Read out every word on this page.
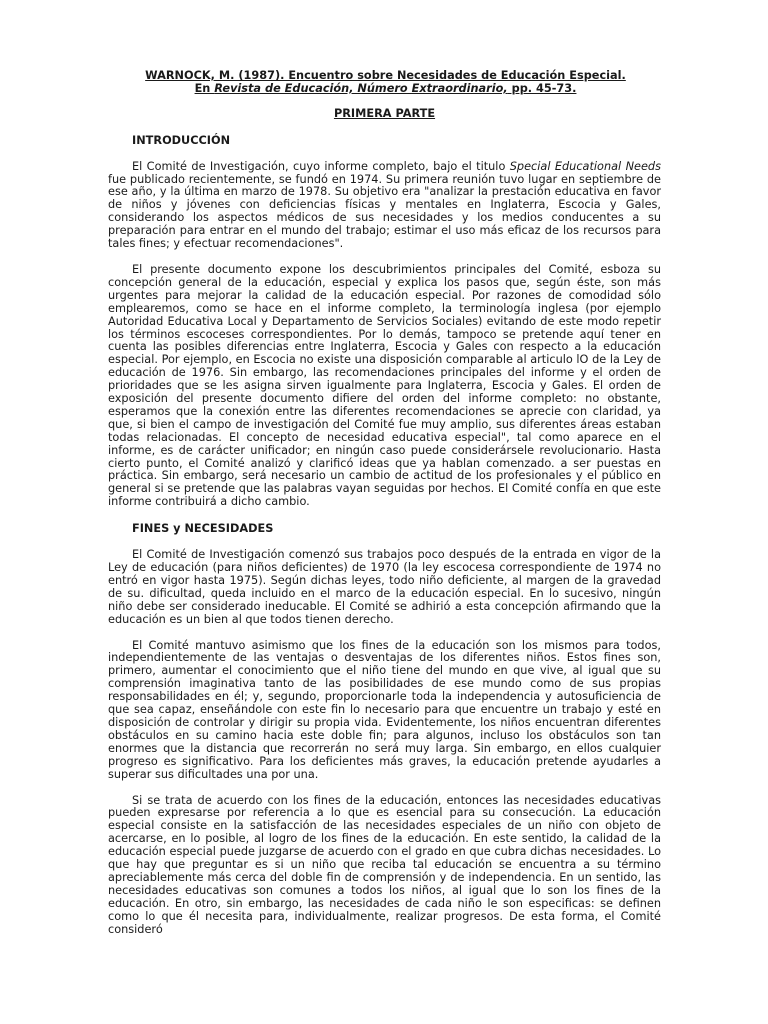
WARNOCK, M. (1987). Encuentro sobre Necesidades de Educación Especial.
En Revista de Educación, Número Extraordinario, pp. 45-73.
PRIMERA PARTE
INTRODUCCIÓN

El Comité de Investigación, cuyo informe completo, bajo el titulo Special Educational Needs fue publicado recientemente, se fundó en 1974. Su primera reunión tuvo lugar en septiembre de ese año, y la última en marzo de 1978. Su objetivo era "analizar la prestación educativa en favor de niños y jóvenes con deficiencias físicas y mentales en Inglaterra, Escocia y Gales, considerando los aspectos médicos de sus necesidades y los medios conducentes a su preparación para entrar en el mundo del trabajo; estimar el uso más eficaz de los recursos para tales fines; y efectuar recomendaciones".

El presente documento expone los descubrimientos principales del Comité, esboza su concepción general de la educación, especial y explica los pasos que, según éste, son más urgentes para mejorar la calidad de la educación especial. Por razones de comodidad sólo emplearemos, como se hace en el informe completo, la terminología inglesa (por ejemplo Autoridad Educativa Local y Departamento de Servicios Sociales) evitando de este modo repetir los términos escoceses correspondientes. Por lo demás, tampoco se pretende aquí tener en cuenta las posibles diferencias entre Inglaterra, Escocia y Gales con respecto a la educación especial. Por ejemplo, en Escocia no existe una disposición comparable al articulo lO de la Ley de educación de 1976. Sin embargo, las recomendaciones principales del informe y el orden de prioridades que se les asigna sirven igualmente para Inglaterra, Escocia y Gales. El orden de exposición del presente documento difiere del orden del informe completo: no obstante, esperamos que la conexión entre las diferentes recomendaciones se aprecie con claridad, ya que, si bien el campo de investigación del Comité fue muy amplio, sus diferentes áreas estaban todas relacionadas. El concepto de necesidad educativa especial", tal como aparece en el informe, es de carácter unificador; en ningún caso puede considerársele revolucionario. Hasta cierto punto, el Comité analizó y clarificó ideas que ya hablan comenzado. a ser puestas en práctica. Sin embargo, será necesario un cambio de actitud de los profesionales y el público en general si se pretende que las palabras vayan seguidas por hechos. El Comité confía en que este informe contribuirá a dicho cambio.

FINES y NECESIDADES

El Comité de Investigación comenzó sus trabajos poco después de la entrada en vigor de la Ley de educación (para niños deficientes) de 1970 (la ley escocesa correspondiente de 1974 no entró en vigor hasta 1975). Según dichas leyes, todo niño deficiente, al margen de la gravedad de su. dificultad, queda incluido en el marco de la educación especial. En lo sucesivo, ningún niño debe ser considerado ineducable. El Comité se adhirió a esta concepción afirmando que la educación es un bien al que todos tienen derecho.

El Comité mantuvo asimismo que los fines de la educación son los mismos para todos, independientemente de las ventajas o desventajas de los diferentes niños. Estos fines son, primero, aumentar el conocimiento que el niño tiene del mundo en que vive, al igual que su comprensión imaginativa tanto de las posibilidades de ese mundo como de sus propias responsabilidades en él; y, segundo, proporcionarle toda la independencia y autosuficiencia de que sea capaz, enseñándole con este fin lo necesario para que encuentre un trabajo y esté en disposición de controlar y dirigir su propia vida. Evidentemente, los niños encuentran diferentes obstáculos en su camino hacia este doble fin; para algunos, incluso los obstáculos son tan enormes que la distancia que recorrerán no será muy larga. Sin embargo, en ellos cualquier progreso es significativo. Para los deficientes más graves, la educación pretende ayudarles a superar sus dificultades una por una.

Si se trata de acuerdo con los fines de la educación, entonces las necesidades educativas pueden expresarse por referencia a lo que es esencial para su consecución. La educación especial consiste en la satisfacción de las necesidades especiales de un niño con objeto de acercarse, en lo posible, al logro de los fines de la educación. En este sentido, la calidad de la educación especial puede juzgarse de acuerdo con el grado en que cubra dichas necesidades. Lo que hay que preguntar es si un niño que reciba tal educación se encuentra a su término apreciablemente más cerca del doble fin de comprensión y de independencia. En un sentido, las necesidades educativas son comunes a todos los niños, al igual que lo son los fines de la educación. En otro, sin embargo, las necesidades de cada niño le son especificas: se definen como lo que él necesita para, individualmente, realizar progresos. De esta forma, el Comité consideró
